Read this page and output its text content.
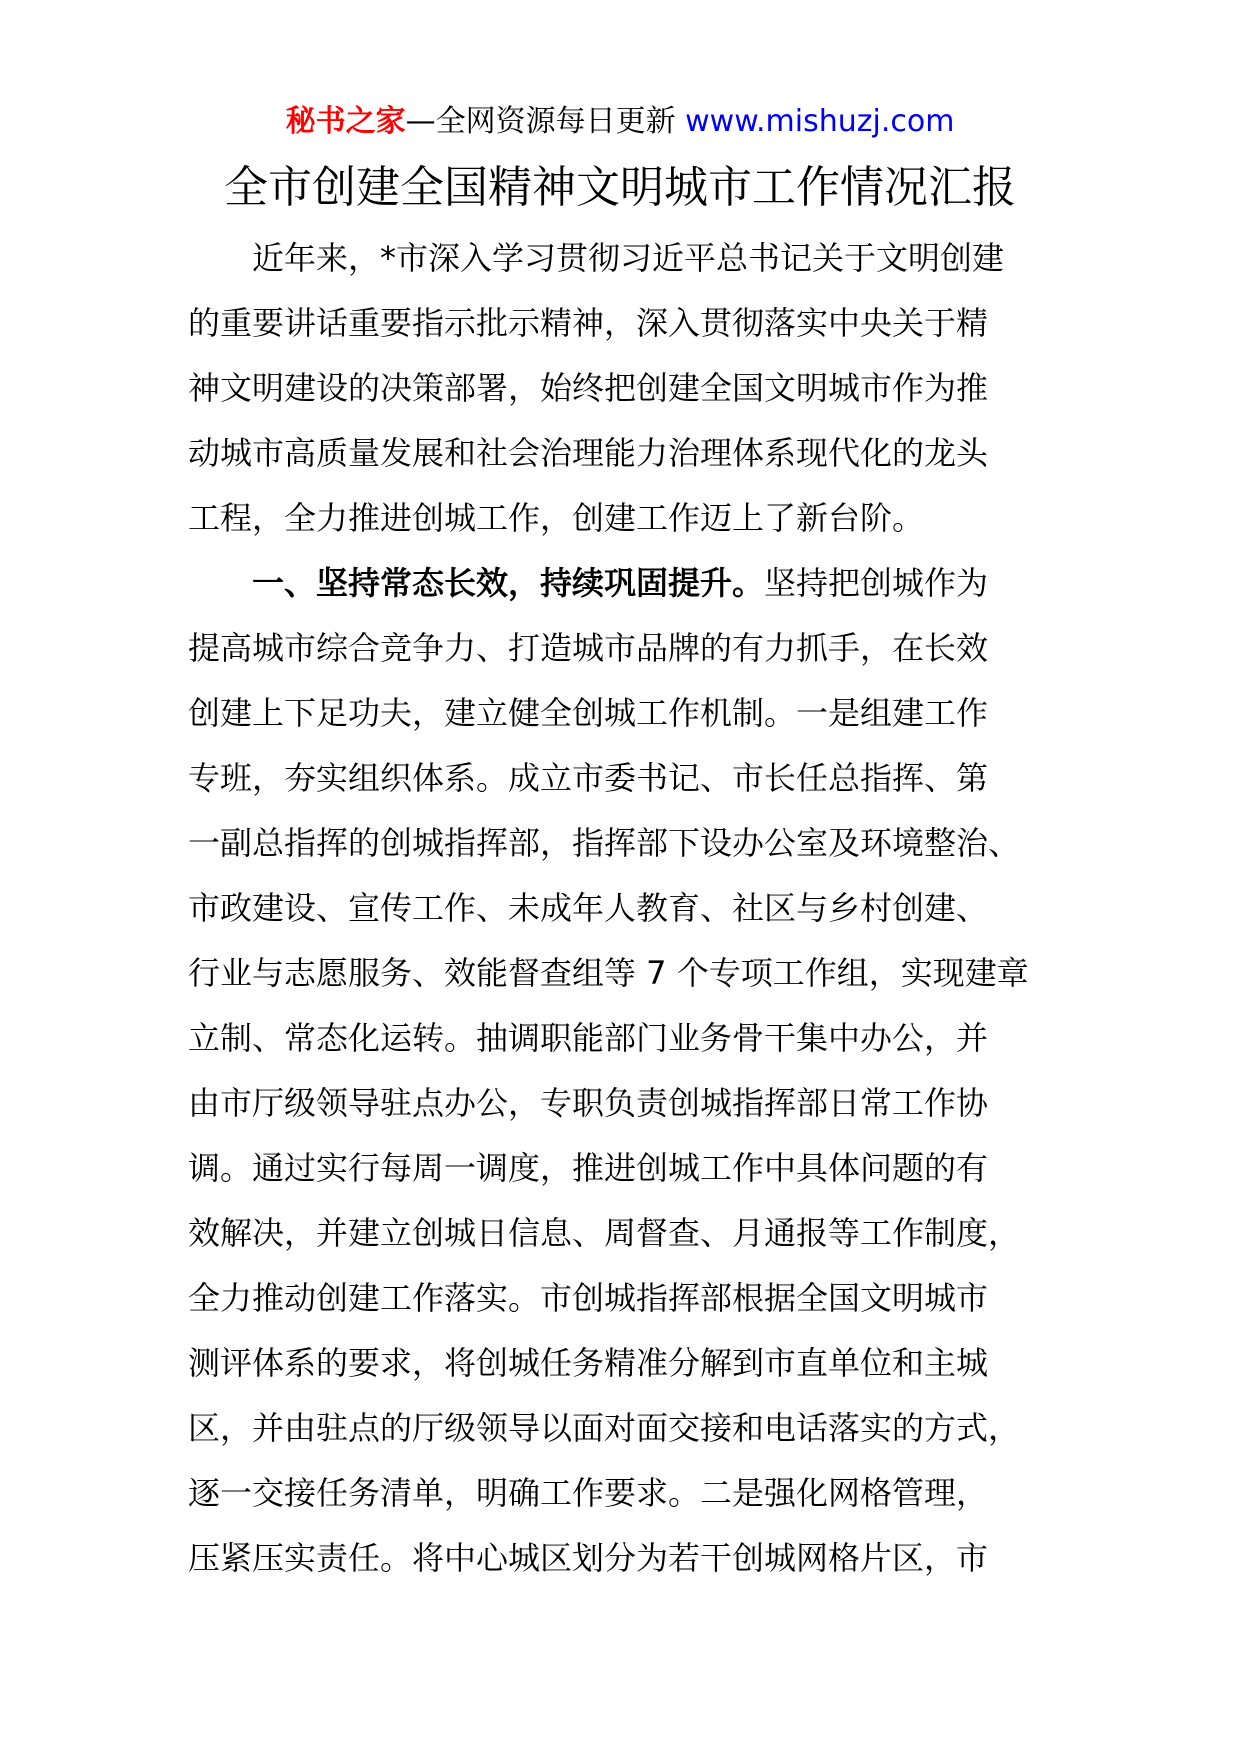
秘书之家—全网资源每日更新 www.mishuzj.com
全市创建全国精神文明城市工作情况汇报
　　近年来，*市深入学习贯彻习近平总书记关于文明创建
的重要讲话重要指示批示精神，深入贯彻落实中央关于精
神文明建设的决策部署，始终把创建全国文明城市作为推
动城市高质量发展和社会治理能力治理体系现代化的龙头
工程，全力推进创城工作，创建工作迈上了新台阶。
　　一、坚持常态长效，持续巩固提升。坚持把创城作为
提高城市综合竞争力、打造城市品牌的有力抓手，在长效
创建上下足功夫，建立健全创城工作机制。一是组建工作
专班，夯实组织体系。成立市委书记、市长任总指挥、第
一副总指挥的创城指挥部，指挥部下设办公室及环境整治、
市政建设、宣传工作、未成年人教育、社区与乡村创建、
行业与志愿服务、效能督查组等 7 个专项工作组，实现建章
立制、常态化运转。抽调职能部门业务骨干集中办公，并
由市厅级领导驻点办公，专职负责创城指挥部日常工作协
调。通过实行每周一调度，推进创城工作中具体问题的有
效解决，并建立创城日信息、周督查、月通报等工作制度，
全力推动创建工作落实。市创城指挥部根据全国文明城市
测评体系的要求，将创城任务精准分解到市直单位和主城
区，并由驻点的厅级领导以面对面交接和电话落实的方式，
逐一交接任务清单，明确工作要求。二是强化网格管理，
压紧压实责任。将中心城区划分为若干创城网格片区，市
